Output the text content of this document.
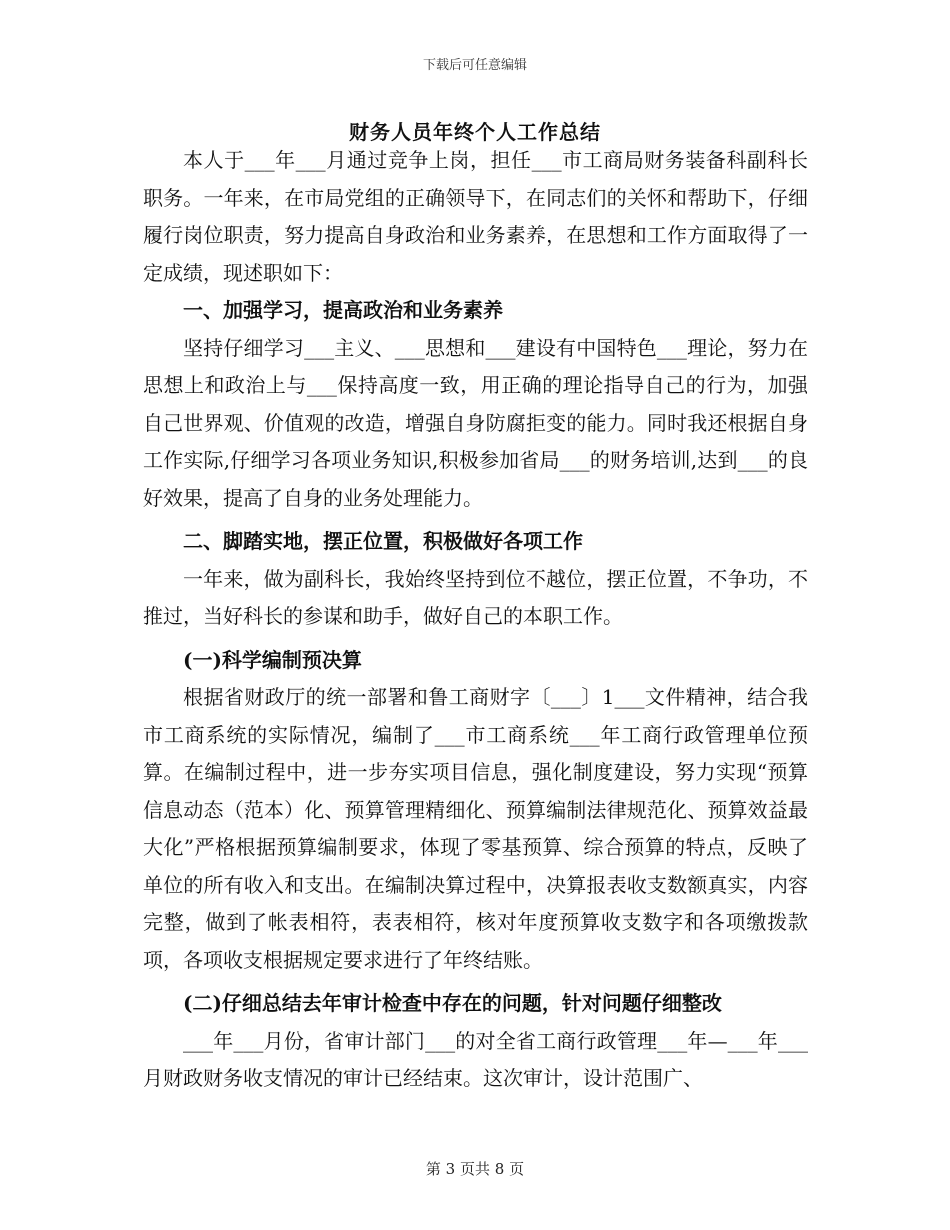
下载后可任意编辑
财务人员年终个人工作总结

本人于___年___月通过竞争上岗，担任___市工商局财务装备科副科长职务。一年来，在市局党组的正确领导下，在同志们的关怀和帮助下，仔细履行岗位职责，努力提高自身政治和业务素养，在思想和工作方面取得了一定成绩，现述职如下：

一、加强学习，提高政治和业务素养

坚持仔细学习___主义、___思想和___建设有中国特色___理论，努力在思想上和政治上与___保持高度一致，用正确的理论指导自己的行为，加强自己世界观、价值观的改造，增强自身防腐拒变的能力。同时我还根据自身工作实际,仔细学习各项业务知识,积极参加省局___的财务培训,达到___的良好效果，提高了自身的业务处理能力。

二、脚踏实地，摆正位置，积极做好各项工作

一年来，做为副科长，我始终坚持到位不越位，摆正位置，不争功，不推过，当好科长的参谋和助手，做好自己的本职工作。

(一)科学编制预决算

根据省财政厅的统一部署和鲁工商财字〔___〕1___文件精神，结合我市工商系统的实际情况，编制了___市工商系统___年工商行政管理单位预算。在编制过程中，进一步夯实项目信息，强化制度建设，努力实现“预算信息动态（范本）化、预算管理精细化、预算编制法律规范化、预算效益最大化”严格根据预算编制要求，体现了零基预算、综合预算的特点，反映了单位的所有收入和支出。在编制决算过程中，决算报表收支数额真实，内容完整，做到了帐表相符，表表相符，核对年度预算收支数字和各项缴拨款项，各项收支根据规定要求进行了年终结账。

(二)仔细总结去年审计检查中存在的问题，针对问题仔细整改

___年___月份，省审计部门___的对全省工商行政管理___年—___年___月财政财务收支情况的审计已经结束。这次审计，设计范围广、

第 3 页共 8 页
